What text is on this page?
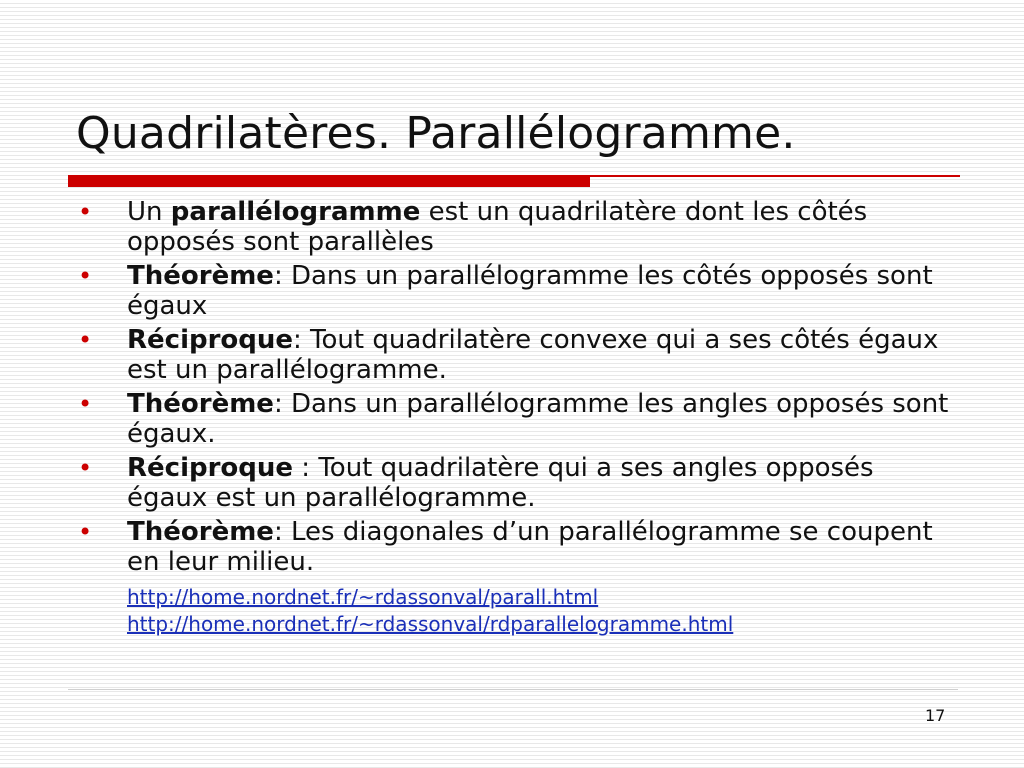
Quadrilatères. Parallélogramme.
• Un parallélogramme est un quadrilatère dont les côtés opposés sont parallèles
• Théorème: Dans un parallélogramme les côtés opposés sont égaux
• Réciproque: Tout quadrilatère convexe qui a ses côtés égaux est un parallélogramme.
• Théorème: Dans un parallélogramme les angles opposés sont égaux.
• Réciproque : Tout quadrilatère qui a ses angles opposés égaux est un parallélogramme.
• Théorème: Les diagonales d’un parallélogramme se coupent en leur milieu.
http://home.nordnet.fr/~rdassonval/parall.html
http://home.nordnet.fr/~rdassonval/rdparallelogramme.html
17
